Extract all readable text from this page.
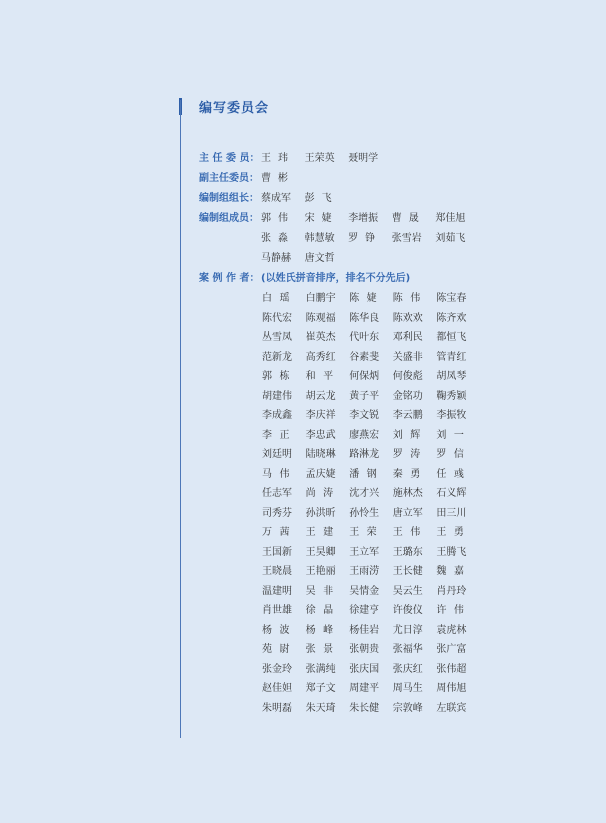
编写委员会
主 任 委 员： 王玮 王荣英	聂明学
副主任委员： 曹彬
编制组组长： 蔡成军	彭飞
编制组成员： 郭伟 宋婕 李增振	曹晟 郑佳旭
张淼 韩慧敏	罗铮 张雪岩	刘茹飞
马静赫	唐文哲
案 例 作 者： (以姓氏拼音排序，排名不分先后)
白瑶 白鹏宇	陈婕 陈伟 陈宝春
陈代宏	陈观福	陈华良	陈欢欢	陈齐欢
丛雪凤	崔英杰	代叶东	邓利民	都恒飞
范新龙	高秀红	谷素斐	关盛非	管青红
郭栋 和平 何保炳	何俊彪	胡凤琴
胡建伟	胡云龙	黄子平	金铭功	鞠秀颖
李成鑫	李庆祥	李文锐	李云鹏	李振牧
李正 李忠武	廖燕宏	刘辉 刘一
刘廷明	陆晓琳	路淋龙	罗涛 罗信
马伟 孟庆婕	潘钢 秦勇 任彧
任志军	尚涛 沈才兴	施林杰	石义辉
司秀芬	孙洪昕	孙怜生	唐立军	田三川
万茜 王建 王荣 王伟 王勇
王国新	王昊卿	王立军	王璐东	王腾飞
王晓晨	王艳丽	王雨涝	王长健	魏嘉
温建明	吴非 吴情金	吴云生	肖丹玲
肖世雄	徐晶 徐建亨	许俊仪	许伟
杨波 杨峰 杨佳岩	尤日淳	袁虎林
苑尉 张景 张朝贵	张福华	张广富
张金玲	张满纯	张庆国	张庆红	张伟超
赵佳妲	郑子文	周建平	周马生	周伟旭
朱明磊	朱天琦	朱长健	宗敦峰	左联宾
